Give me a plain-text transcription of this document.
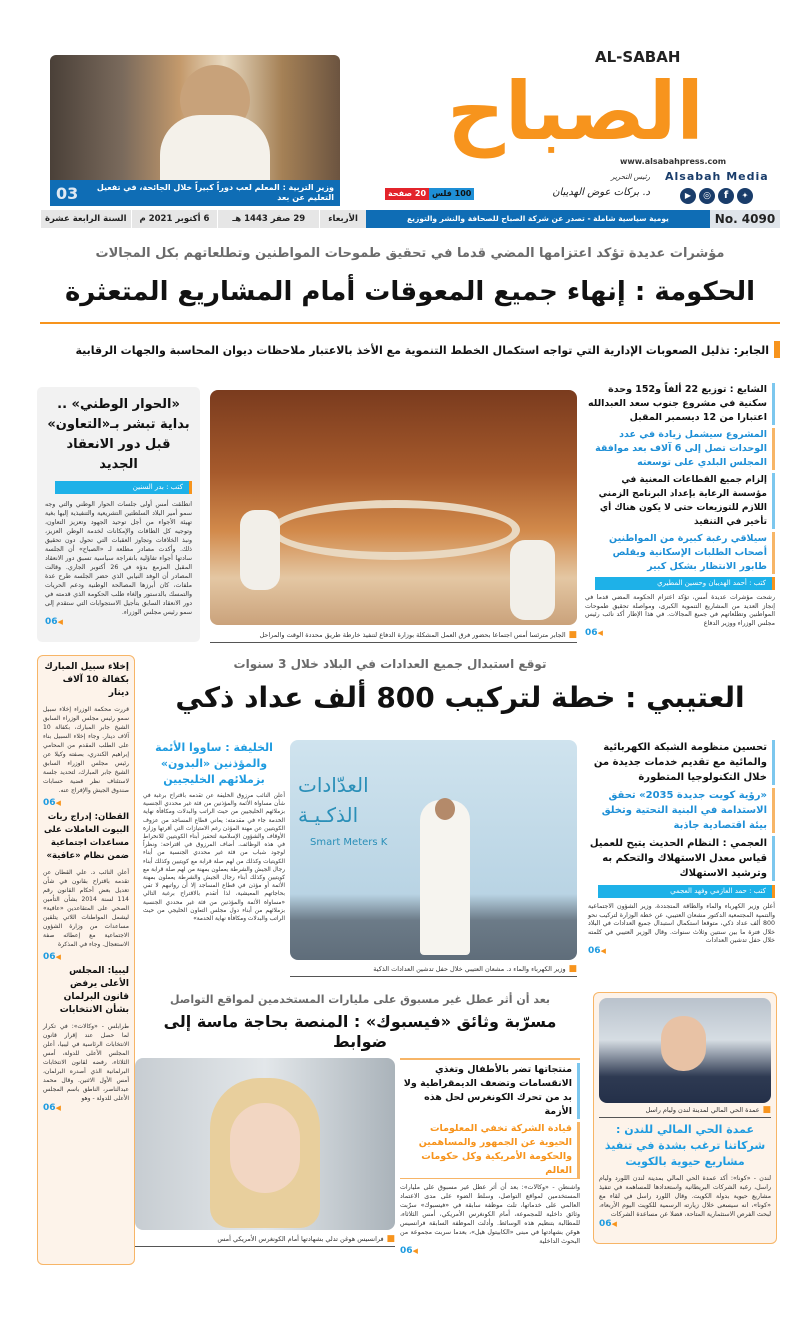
03	وزير التربية : المعلم لعب دوراً كبيراً خلال الجائحة، في تفعيل التعليم عن بعد
AL-SABAH
الصباح
www.alsabahpress.com
Alsabah Media
▶	◎	f	✦
رئيس التحرير
د. بركات عوض الهديبان
20 صفحة 100 فلس
السنة الرابعة عشرة	6 أكتوبر 2021 م	29 صفر 1443 هـ	الأربعاء	يومية سياسية شاملة - تصدر عن شركة الصباح للصحافة والنشر والتوزيع	No. 4090
مؤشرات عديدة تؤكد اعتزامها المضي قدما في تحقيق طموحات المواطنين وتطلعاتهم بكل المجالات
الحكومة : إنهاء جميع المعوقات أمام المشاريع المتعثرة
الجابر: تذليل الصعوبات الإدارية التي تواجه استكمال الخطط التنموية مع الأخذ بالاعتبار ملاحظات ديوان المحاسبة والجهات الرقابية
«الحوار الوطني» .. بداية تبشر بـ«التعاون» قبل دور الانعقاد الجديد
كتب : بدر السنين
انطلقت أمس أولى جلسات الحوار الوطني والتي وجه سمو أمير البلاد السلطتين التشريعية والتنفيذية إليها بغية تهيئة الأجواء من أجل توحيد الجهود وتعزيز التعاون، وتوجيه كل الطاقات والإمكانات لخدمة الوطن العزيز، ونبذ الخلافات وتجاوز العقبات التي تحول دون تحقيق ذلك. وأكدت مصادر مطلعة لـ «الصباح» أن الجلسة سادتها أجواء تفاؤلية بانفراجة سياسية تسبق دور الانعقاد المقبل المزمع بدؤه في 26 أكتوبر الجاري. وقالت المصادر أن الوفد النيابي الذي حضر الجلسة طرح عدة ملفات، كان أبرزها المصالحة الوطنية ودعم الحريات والتمسك بالدستور وإلغاء طلب الحكومة الذي قدمته في دور الانعقاد السابق بتأجيل الاستجوابات التي ستقدم إلى سمو رئيس مجلس الوزراء.
06 ◀
■ الجابر مترئسا أمس اجتماعا بحضور فرق العمل المشكلة بوزارة الدفاع لتنفيذ خارطة طريق محددة الوقت والمراحل
الشايع : توزيع 22 ألفاً و152 وحدة سكنية في مشروع جنوب سعد العبدالله اعتبارا من 12 ديسمبر المقبل
المشروع سيشمل زيادة في عدد الوحدات تصل إلى 6 آلاف بعد موافقة المجلس البلدي على توسعته
إلزام جميع القطاعات المعنية في مؤسسة الرعاية بإعداد البرنامج الزمني اللازم للتوزيعات حتى لا يكون هناك أي تأخير في التنفيذ
سيلاقي رغبة كبيرة من المواطنين أصحاب الطلبات الإسكانية ويقلص طابور الانتظار بشكل كبير
كتب : أحمد الهديبان وحسين المطيري
رشحت مؤشرات عديدة أمس، تؤكد اعتزام الحكومة المضي قدما في إنجاز العديد من المشاريع التنموية الكبرى، ومواصلة تحقيق طموحات المواطنين وتطلعاتهم في جميع المجالات. في هذا الإطار أكد نائب رئيس مجلس الوزراء ووزير الدفاع
06 ◀
إخلاء سبيل المبارك بكفالة 10 آلاف دينار
قررت محكمة الوزراء إخلاء سبيل سمو رئيس مجلس الوزراء السابق الشيخ جابر المبارك، بكفالة 10 آلاف دينار. وجاء إخلاء السبيل بناء على الطلب المقدم من المحامي إبراهيم الكندري، بصفته وكيلا عن رئيس مجلس الوزراء السابق الشيخ جابر المبارك، لتحديد جلسة لاستئناف نظر قضية حسابات صندوق الجيش والإفراج عنه.
06 ◀
القطان: إدراج ربات البيوت العاملات على مساعدات اجتماعية ضمن نظام «عافية»
أعلن النائب د. علي القطان عن تقدمه باقتراح بقانون في شأن تعديل بعض أحكام القانون رقم 114 لسنة 2014 بشأن التأمين الصحي على المتقاعدين «عافية» ليشمل المواطنات اللاتي يتلقين مساعدات من وزارة الشؤون الاجتماعية مع إعطائه صفة الاستعجال. وجاء في المذكرة
06 ◀
ليبيا: المجلس الأعلى يرفض قانون البرلمان بشأن الانتخابات
طرابلس - «وكالات»: في تكرار لما حصل عند إقرار قانون الانتخابات الرئاسية في ليبيا، أعلن المجلس الأعلى للدولة، أمس الثلاثاء، رفضه لقانون الانتخابات البرلمانية الذي أصدره البرلمان، أمس الأول الاثنين. وقال محمد عبدالناصر، الناطق باسم المجلس الأعلى للدولة - وهو
06 ◀
توقع استبدال جميع العدادات في البلاد خلال 3 سنوات
العتيبي : خطة لتركيب 800 ألف عداد ذكي
الخليفة : ساووا الأئمة والمؤذنين «البدون» بزملائهم الخليجيين
أعلن النائب مرزوق الخليفة عن تقدمه باقتراح برغبة في شأن مساواة الأئمة والمؤذنين من فئة غير محددي الجنسية بزملائهم الخليجيين من حيث الراتب والبدلات ومكافأة نهاية الخدمة جاء في مقدمته: يعاني قطاع المساجد من عزوف الكويتيين عن مهنة المؤذن رغم الامتيازات التي أقرتها وزارة الأوقاف والشؤون الإسلامية لتحفيز أبناء الكويتيين للانخراط في هذه الوظائف. أضاف المرزوق في اقتراحه: ونظراً لوجود شباب من فئة غير محددي الجنسية من أبناء الكويتيات وكذلك من لهم صلة قرابة مع كويتيين وكذلك أبناء رجال الجيش والشرطة يعملون بمهنة من لهم صلة قرابة مع كويتيين وكذلك أبناء رجال الجيش والشرطة يعملون بمهنة الأئمة أو مؤذن في قطاع المساجد إلا أن رواتبهم لا تفي بحاجاتهم المعيشية، لذا أتقدم بالاقتراح برغبة التالي «مساواة الأئمة والمؤذنين من فئة غير محددي الجنسية بزملائهم من أبناء دول مجلس التعاون الخليجي من حيث الراتب والبدلات ومكافأة نهاية الخدمة»
العدّادات الذكـيـة
Smart Meters K
■ وزير الكهرباء والماء د. مشعان العتيبي خلال حفل تدشين العدادات الذكية
تحسين منظومة الشبكة الكهربائية والمائية مع تقديم خدمات جديدة من خلال التكنولوجيا المتطورة
«رؤية كويت جديدة 2035» تحقق الاستدامة في البنية التحتية وتخلق بيئة اقتصادية جاذبة
العجمي : النظام الحديث يتيح للعميل قياس معدل الاستهلاك والتحكم به وترشيد الاستهلاك
كتب : حمد العازمي وفهد العجمي
أعلن وزير الكهرباء والماء والطاقة المتجددة، وزير الشؤون الاجتماعية والتنمية المجتمعية الدكتور مشعان العتيبي، عن خطة الوزارة لتركيب نحو 800 ألف عداد ذكي، متوقعا استكمال استبدال جميع العدادات في البلاد خلال فترة ما بين سنتين وثلاث سنوات. وقال الوزير العتيبي في كلمته خلال حفل تدشين العدادات
06 ◀
بعد أن أثر عطل غير مسبوق على مليارات المستخدمين لمواقع التواصل
مسرّبة وثائق «فيسبوك» : المنصة بحاجة ماسة إلى ضوابط
■ فرانسيس هوغن تدلي بشهادتها أمام الكونغرس الأمريكي أمس
منتجاتها تضر بالأطفال وتغذي الانقسامات وتضعف الديمقراطية ولا بد من تحرك الكونغرس لحل هذه الأزمة
قيادة الشركة تخفي المعلومات الحيوية عن الجمهور والمساهمين والحكومة الأمريكية وكل حكومات العالم
واشنطن - «وكالات»: بعد أن أثر عطل غير مسبوق على مليارات المستخدمين لمواقع التواصل، وسلط الضوء على مدى الاعتماد العالمي على خدماتها، تلت موظفة سابقة في «فيسبوك» سرّبت وثائق داخلية للمجموعة، أمام الكونغرس الأمريكي، أمس الثلاثاء، للمطالبة بتنظيم هذه الوسائط. وأدلت الموظفة السابقة فرانسيس هوغن بشهادتها في مبنى «الكابيتول هيل»، بعدما سربت مجموعة من البحوث الداخلية
06 ◀
■ عمدة الحي المالي لمدينة لندن وليام راسل
عمدة الحي المالي للندن : شركاتنا ترغب بشدة في تنفيذ مشاريع حيوية بالكويت
لندن - «كونا»: أكد عمدة الحي المالي بمدينة لندن اللورد وليام راسل، رغبة الشركات البريطانية واستعدادها للمساهمة في تنفيذ مشاريع حيوية بدولة الكويت. وقال اللورد راسل في لقاء مع «كونا»، انه سيسعى خلال زيارته الرسمية للكويت اليوم الأربعاء، لبحث الفرص الاستثمارية المتاحة، فضلا عن مساعدة الشركات
06 ◀
